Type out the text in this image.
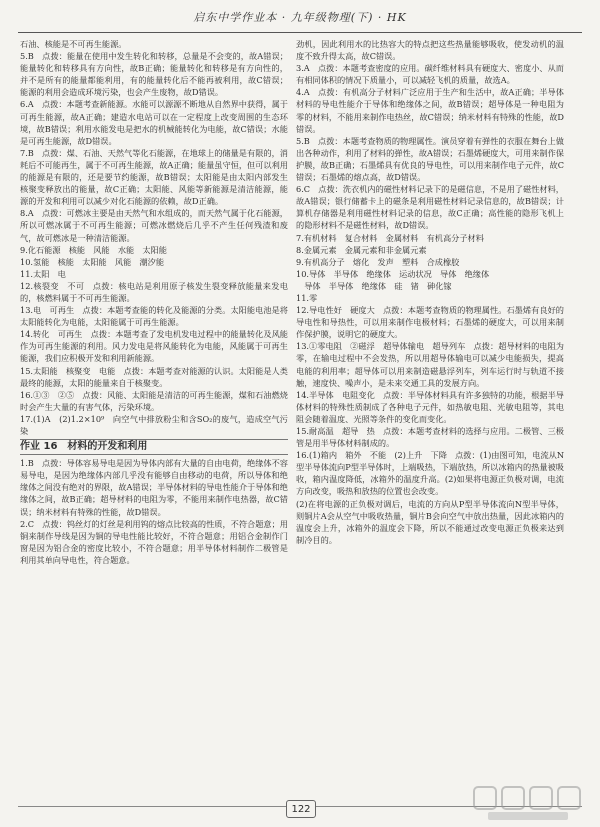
启东中学作业本 · 九年级物理(下) · HK

石油、核能是不可再生能源。

5.B　点拨：能量在使用中发生转化和转移，总量是不会变的，故A错误；能量转化和转移具有方向性，故B正确；能量转化和转移是有方向性的，并不是所有的能量都能利用，有的能量转化后不能再被利用，故C错误；能源的利用会造成环境污染，也会产生废物，故D错误。

6.A　点拨：本题考查新能源。水能可以源源不断地从自然界中获得，属于可再生能源，故A正确；建造水电站可以在一定程度上改变周围的生态环境，故B错误；利用水能发电是把水的机械能转化为电能，故C错误；水能是可再生能源，故D错误。

7.B　点拨：煤、石油、天然气等化石能源，在地球上的储量是有限的，消耗后不可能再生，属于不可再生能源，故A正确；能量虽守恒，但可以利用的能源是有限的，还是要节约能源，故B错误；太阳能是由太阳内部发生核聚变释放出的能量，故C正确；太阳能、风能等新能源是清洁能源，能源的开发和利用可以减少对化石能源的依赖，故D正确。

8.A　点拨：可燃冰主要是由天然气和水组成的，而天然气属于化石能源，所以可燃冰属于不可再生能源；可燃冰燃烧后几乎不产生任何残渣和废气，故可燃冰是一种清洁能源。

9.化石能源　核能　风能　水能　太阳能

10.氢能　核能　太阳能　风能　潮汐能

11.太阳　电

12.核裂变　不可　点拨：核电站是利用原子核发生裂变释放能量来发电的，核燃料属于不可再生能源。

13.电　可再生　点拨：本题考查能的转化及能源的分类。太阳能电池是将太阳能转化为电能，太阳能属于可再生能源。

14.转化　可再生　点拨：本题考查了发电机发电过程中的能量转化及风能作为可再生能源的利用。风力发电是将风能转化为电能，风能属于可再生能源，我们应积极开发和利用新能源。

15.太阳能　核聚变　电能　点拨：本题考查对能源的认识。太阳能是人类最终的能源，太阳的能量来自于核聚变。

16.①③　②⑤　点拨：风能、太阳能是清洁的可再生能源，煤和石油燃烧时会产生大量的有害气体，污染环境。

17.(1)A　(2)1.2×10⁹　向空气中排放粉尘和含SO₂的废气，造成空气污染

作业 16　材料的开发和利用

1.B　点拨：导体容易导电是因为导体内部有大量的自由电荷，绝缘体不容易导电，是因为绝缘体内部几乎没有能够自由移动的电荷，所以导体和绝缘体之间没有绝对的界限，故A错误；半导体材料的导电性能介于导体和绝缘体之间，故B正确；超导材料的电阻为零，不能用来制作电热器，故C错误；纳米材料有特殊的性能，故D错误。

2.C　点拨：钨丝灯的灯丝是利用钨的熔点比较高的性质，不符合题意；用铜来制作导线是因为铜的导电性能比较好，不符合题意；用铝合金制作门窗是因为铝合金的密度比较小，不符合题意；用半导体材料制作二极管是利用其单向导电性，符合题意。

劲机，因此利用水的比热容大的特点把这些热量能够吸收，使发动机的温度不致升得太高，故C错误。

3.A　点拨：本题考查密度的应用。碳纤维材料具有硬度大、密度小、从而有相同体积的情况下质量小，可以减轻飞机的质量，故选A。

4.A　点拨：有机高分子材料广泛应用于生产和生活中，故A正确；半导体材料的导电性能介于导体和绝缘体之间，故B错误；超导体是一种电阻为零的材料，不能用来制作电热丝，故C错误；纳米材料有特殊的性能，故D错误。

5.B　点拨：本题考查物质的物理属性。演员穿着有弹性的衣服在舞台上做出各种动作，利用了材料的弹性，故A错误；石墨烯硬度大，可用来制作保护膜，故B正确；石墨烯具有优良的导电性，可以用来制作电子元件，故C错误；石墨烯的熔点高，故D错误。

6.C　点拨：洗衣机内的磁性材料记录下的是磁信息，不是用了磁性材料，故A错误；银行储蓄卡上的磁条是利用磁性材料记录信息的，故B错误；计算机存储器是利用磁性材料记录的信息，故C正确；高性能的隐形飞机上的隐形材料不是磁性材料，故D错误。

7.有机材料　复合材料　金属材料　有机高分子材料

8.金属元素　金属元素和非金属元素

9.有机高分子　熔化　发声　塑料　合成橡胶

10.导体　半导体　绝缘体　运动状况　导体　绝缘体

　导体　半导体　绝缘体　硅　锗　砷化镓

11.零

12.导电性好　硬度大　点拨：本题考查物质的物理属性。石墨烯有良好的导电性和导热性，可以用来制作电极材料；石墨烯的硬度大，可以用来制作保护膜，说明它的硬度大。

13.①零电阻　②磁浮　超导体输电　超导列车　点拨：超导材料的电阻为零，在输电过程中不会发热，所以用超导体输电可以减少电能损失，提高电能的利用率；超导体可以用来制造磁悬浮列车，列车运行时与轨道不接触，速度快、噪声小，是未来交通工具的发展方向。

14.半导体　电阻变化　点拨：半导体材料具有许多独特的功能，根据半导体材料的特殊性质制成了各种电子元件，如热敏电阻、光敏电阻等，其电阻会随着温度、光照等条件的变化而变化。

15.耐高温　超导　热　点拨：本题考查材料的选择与应用。二极管、三极管是用半导体材料制成的。

16.(1)箱内　箱外　不能　(2)上升　下降　点拨：(1)由图可知，电流从N型半导体流向P型半导体时，上端吸热，下端放热，所以冰箱内的热量被吸收，箱内温度降低，冰箱外的温度升高。(2)如果将电源正负极对调，电流方向改变，吸热和放热的位置也会改变。

(2)在将电源的正负极对调后，电流的方向从P型半导体流向N型半导体，则铜片A会从空气中吸收热量，铜片B会向空气中放出热量，因此冰箱内的温度会上升，冰箱外的温度会下降，所以不能通过改变电源正负极来达到制冷目的。

122
